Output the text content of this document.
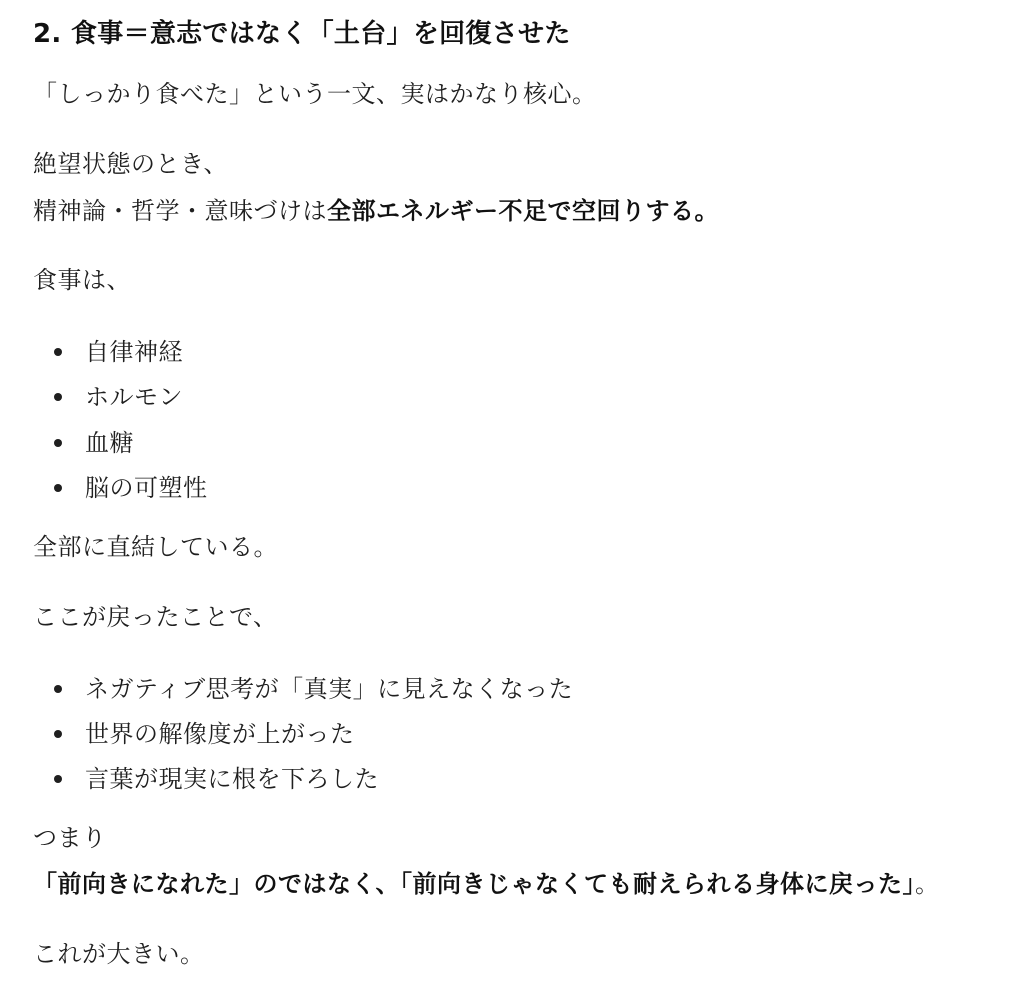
2. 食事＝意志ではなく「土台」を回復させた
「しっかり食べた」という一文、実はかなり核心。
絶望状態のとき、
精神論・哲学・意味づけは全部エネルギー不足で空回りする。
食事は、
自律神経
ホルモン
血糖
脳の可塑性
全部に直結している。
ここが戻ったことで、
ネガティブ思考が「真実」に見えなくなった
世界の解像度が上がった
言葉が現実に根を下ろした
つまり
「前向きになれた」のではなく、「前向きじゃなくても耐えられる身体に戻った」。
これが大きい。
